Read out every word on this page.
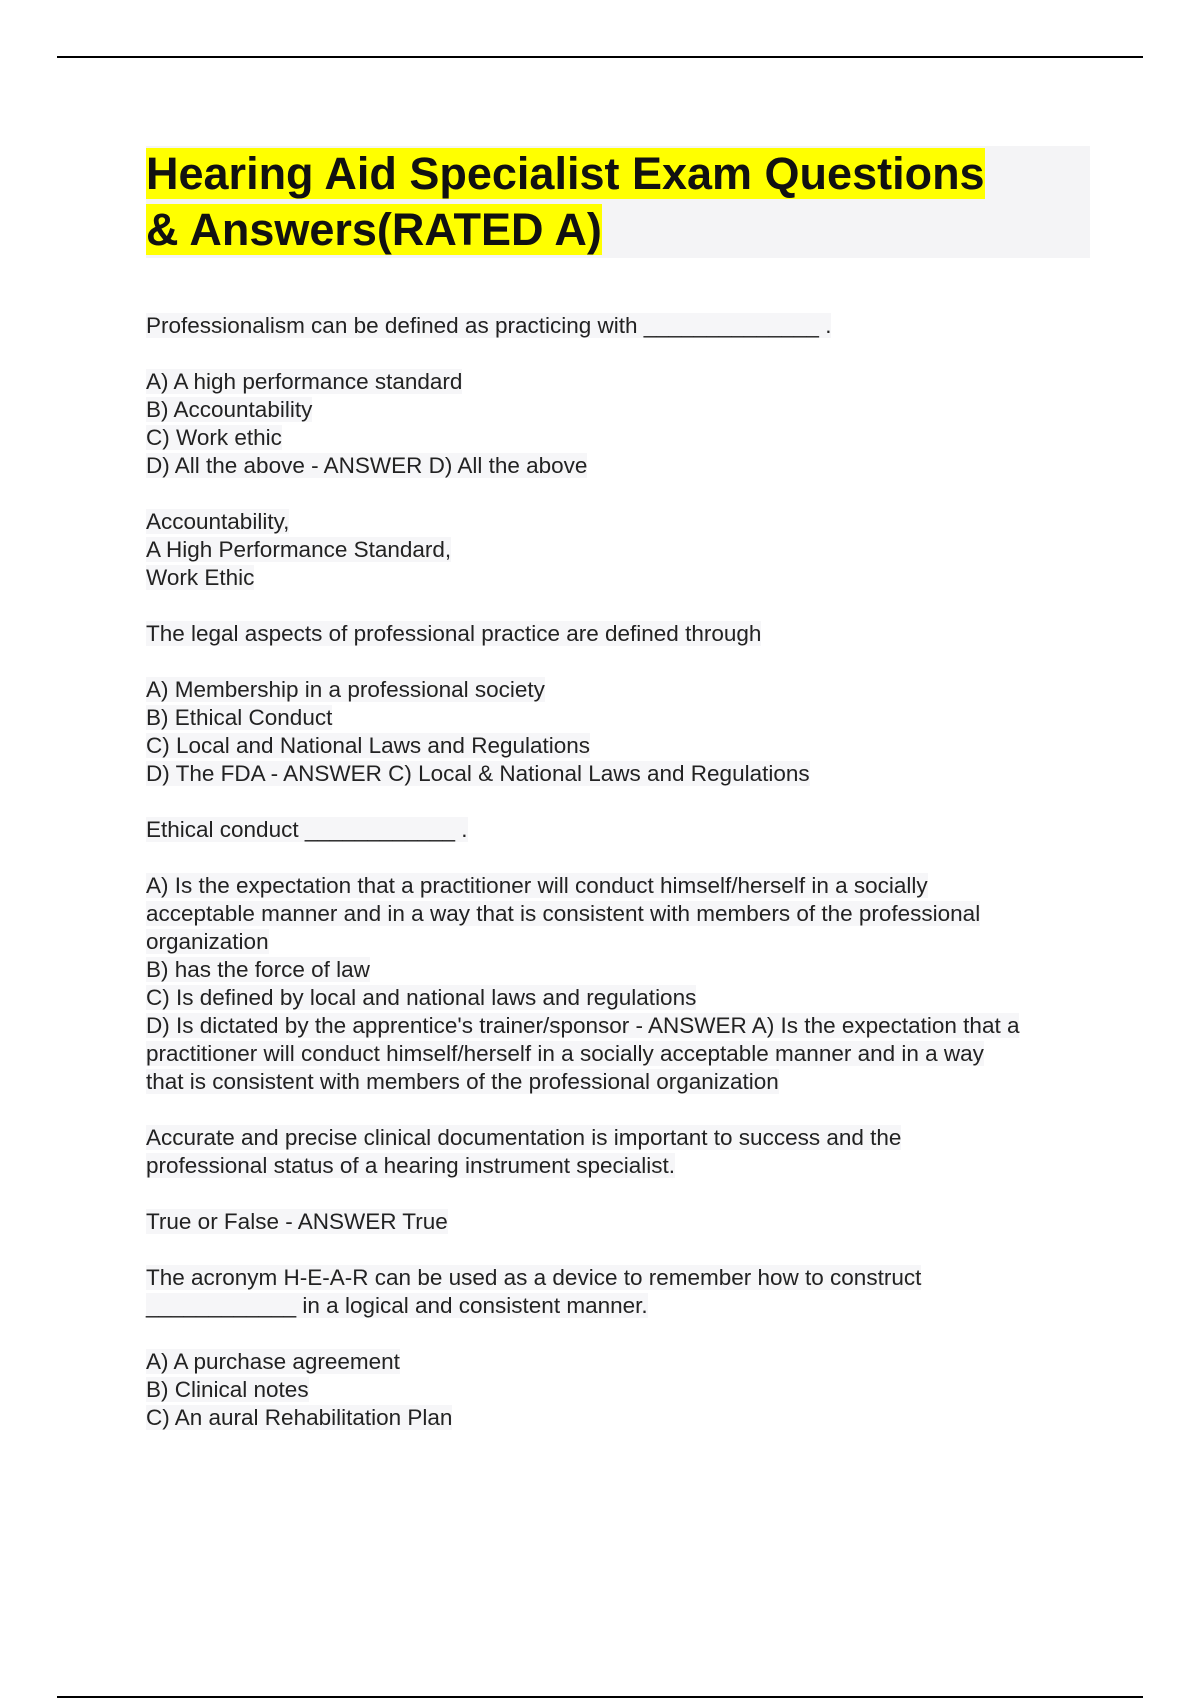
Hearing Aid Specialist Exam Questions
& Answers(RATED A)
Professionalism can be defined as practicing with ______________ .
A) A high performance standard
B) Accountability
C) Work ethic
D) All the above - ANSWER D) All the above
Accountability,
A High Performance Standard,
Work Ethic
The legal aspects of professional practice are defined through
A) Membership in a professional society
B) Ethical Conduct
C) Local and National Laws and Regulations
D) The FDA - ANSWER C) Local & National Laws and Regulations
Ethical conduct ____________ .
A) Is the expectation that a practitioner will conduct himself/herself in a socially
acceptable manner and in a way that is consistent with members of the professional
organization
B) has the force of law
C) Is defined by local and national laws and regulations
D) Is dictated by the apprentice's trainer/sponsor - ANSWER A) Is the expectation that a
practitioner will conduct himself/herself in a socially acceptable manner and in a way
that is consistent with members of the professional organization
Accurate and precise clinical documentation is important to success and the
professional status of a hearing instrument specialist.
True or False - ANSWER True
The acronym H-E-A-R can be used as a device to remember how to construct
____________ in a logical and consistent manner.
A) A purchase agreement
B) Clinical notes
C) An aural Rehabilitation Plan
